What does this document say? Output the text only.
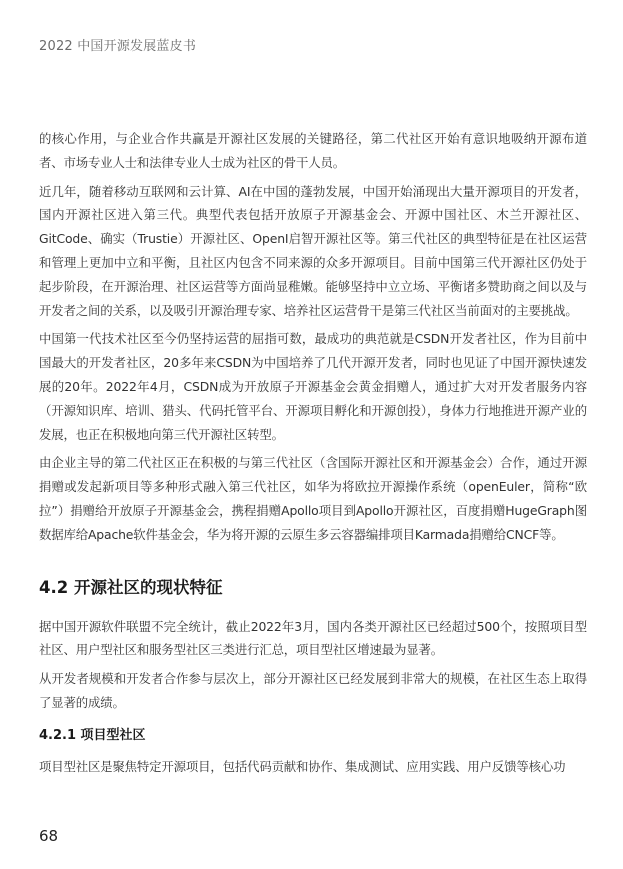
2022 中国开源发展蓝皮书

的核心作用，与企业合作共赢是开源社区发展的关键路径，第二代社区开始有意识地吸纳开源布道者、市场专业人士和法律专业人士成为社区的骨干人员。

近几年，随着移动互联网和云计算、AI在中国的蓬勃发展，中国开始涌现出大量开源项目的开发者，国内开源社区进入第三代。典型代表包括开放原子开源基金会、开源中国社区、木兰开源社区、GitCode、确实（Trustie）开源社区、OpenI启智开源社区等。第三代社区的典型特征是在社区运营和管理上更加中立和平衡，且社区内包含不同来源的众多开源项目。目前中国第三代开源社区仍处于起步阶段，在开源治理、社区运营等方面尚显稚嫩。能够坚持中立立场、平衡诸多赞助商之间以及与开发者之间的关系，以及吸引开源治理专家、培养社区运营骨干是第三代社区当前面对的主要挑战。

中国第一代技术社区至今仍坚持运营的屈指可数，最成功的典范就是CSDN开发者社区，作为目前中国最大的开发者社区，20多年来CSDN为中国培养了几代开源开发者，同时也见证了中国开源快速发展的20年。2022年4月，CSDN成为开放原子开源基金会黄金捐赠人，通过扩大对开发者服务内容（开源知识库、培训、猎头、代码托管平台、开源项目孵化和开源创投），身体力行地推进开源产业的发展，也正在积极地向第三代开源社区转型。

由企业主导的第二代社区正在积极的与第三代社区（含国际开源社区和开源基金会）合作，通过开源捐赠或发起新项目等多种形式融入第三代社区，如华为将欧拉开源操作系统（openEuler，简称“欧拉”）捐赠给开放原子开源基金会，携程捐赠Apollo项目到Apollo开源社区，百度捐赠HugeGraph图数据库给Apache软件基金会，华为将开源的云原生多云容器编排项目Karmada捐赠给CNCF等。

4.2 开源社区的现状特征

据中国开源软件联盟不完全统计，截止2022年3月，国内各类开源社区已经超过500个，按照项目型社区、用户型社区和服务型社区三类进行汇总，项目型社区增速最为显著。

从开发者规模和开发者合作参与层次上，部分开源社区已经发展到非常大的规模，在社区生态上取得了显著的成绩。

4.2.1 项目型社区

项目型社区是聚焦特定开源项目，包括代码贡献和协作、集成测试、应用实践、用户反馈等核心功

68
